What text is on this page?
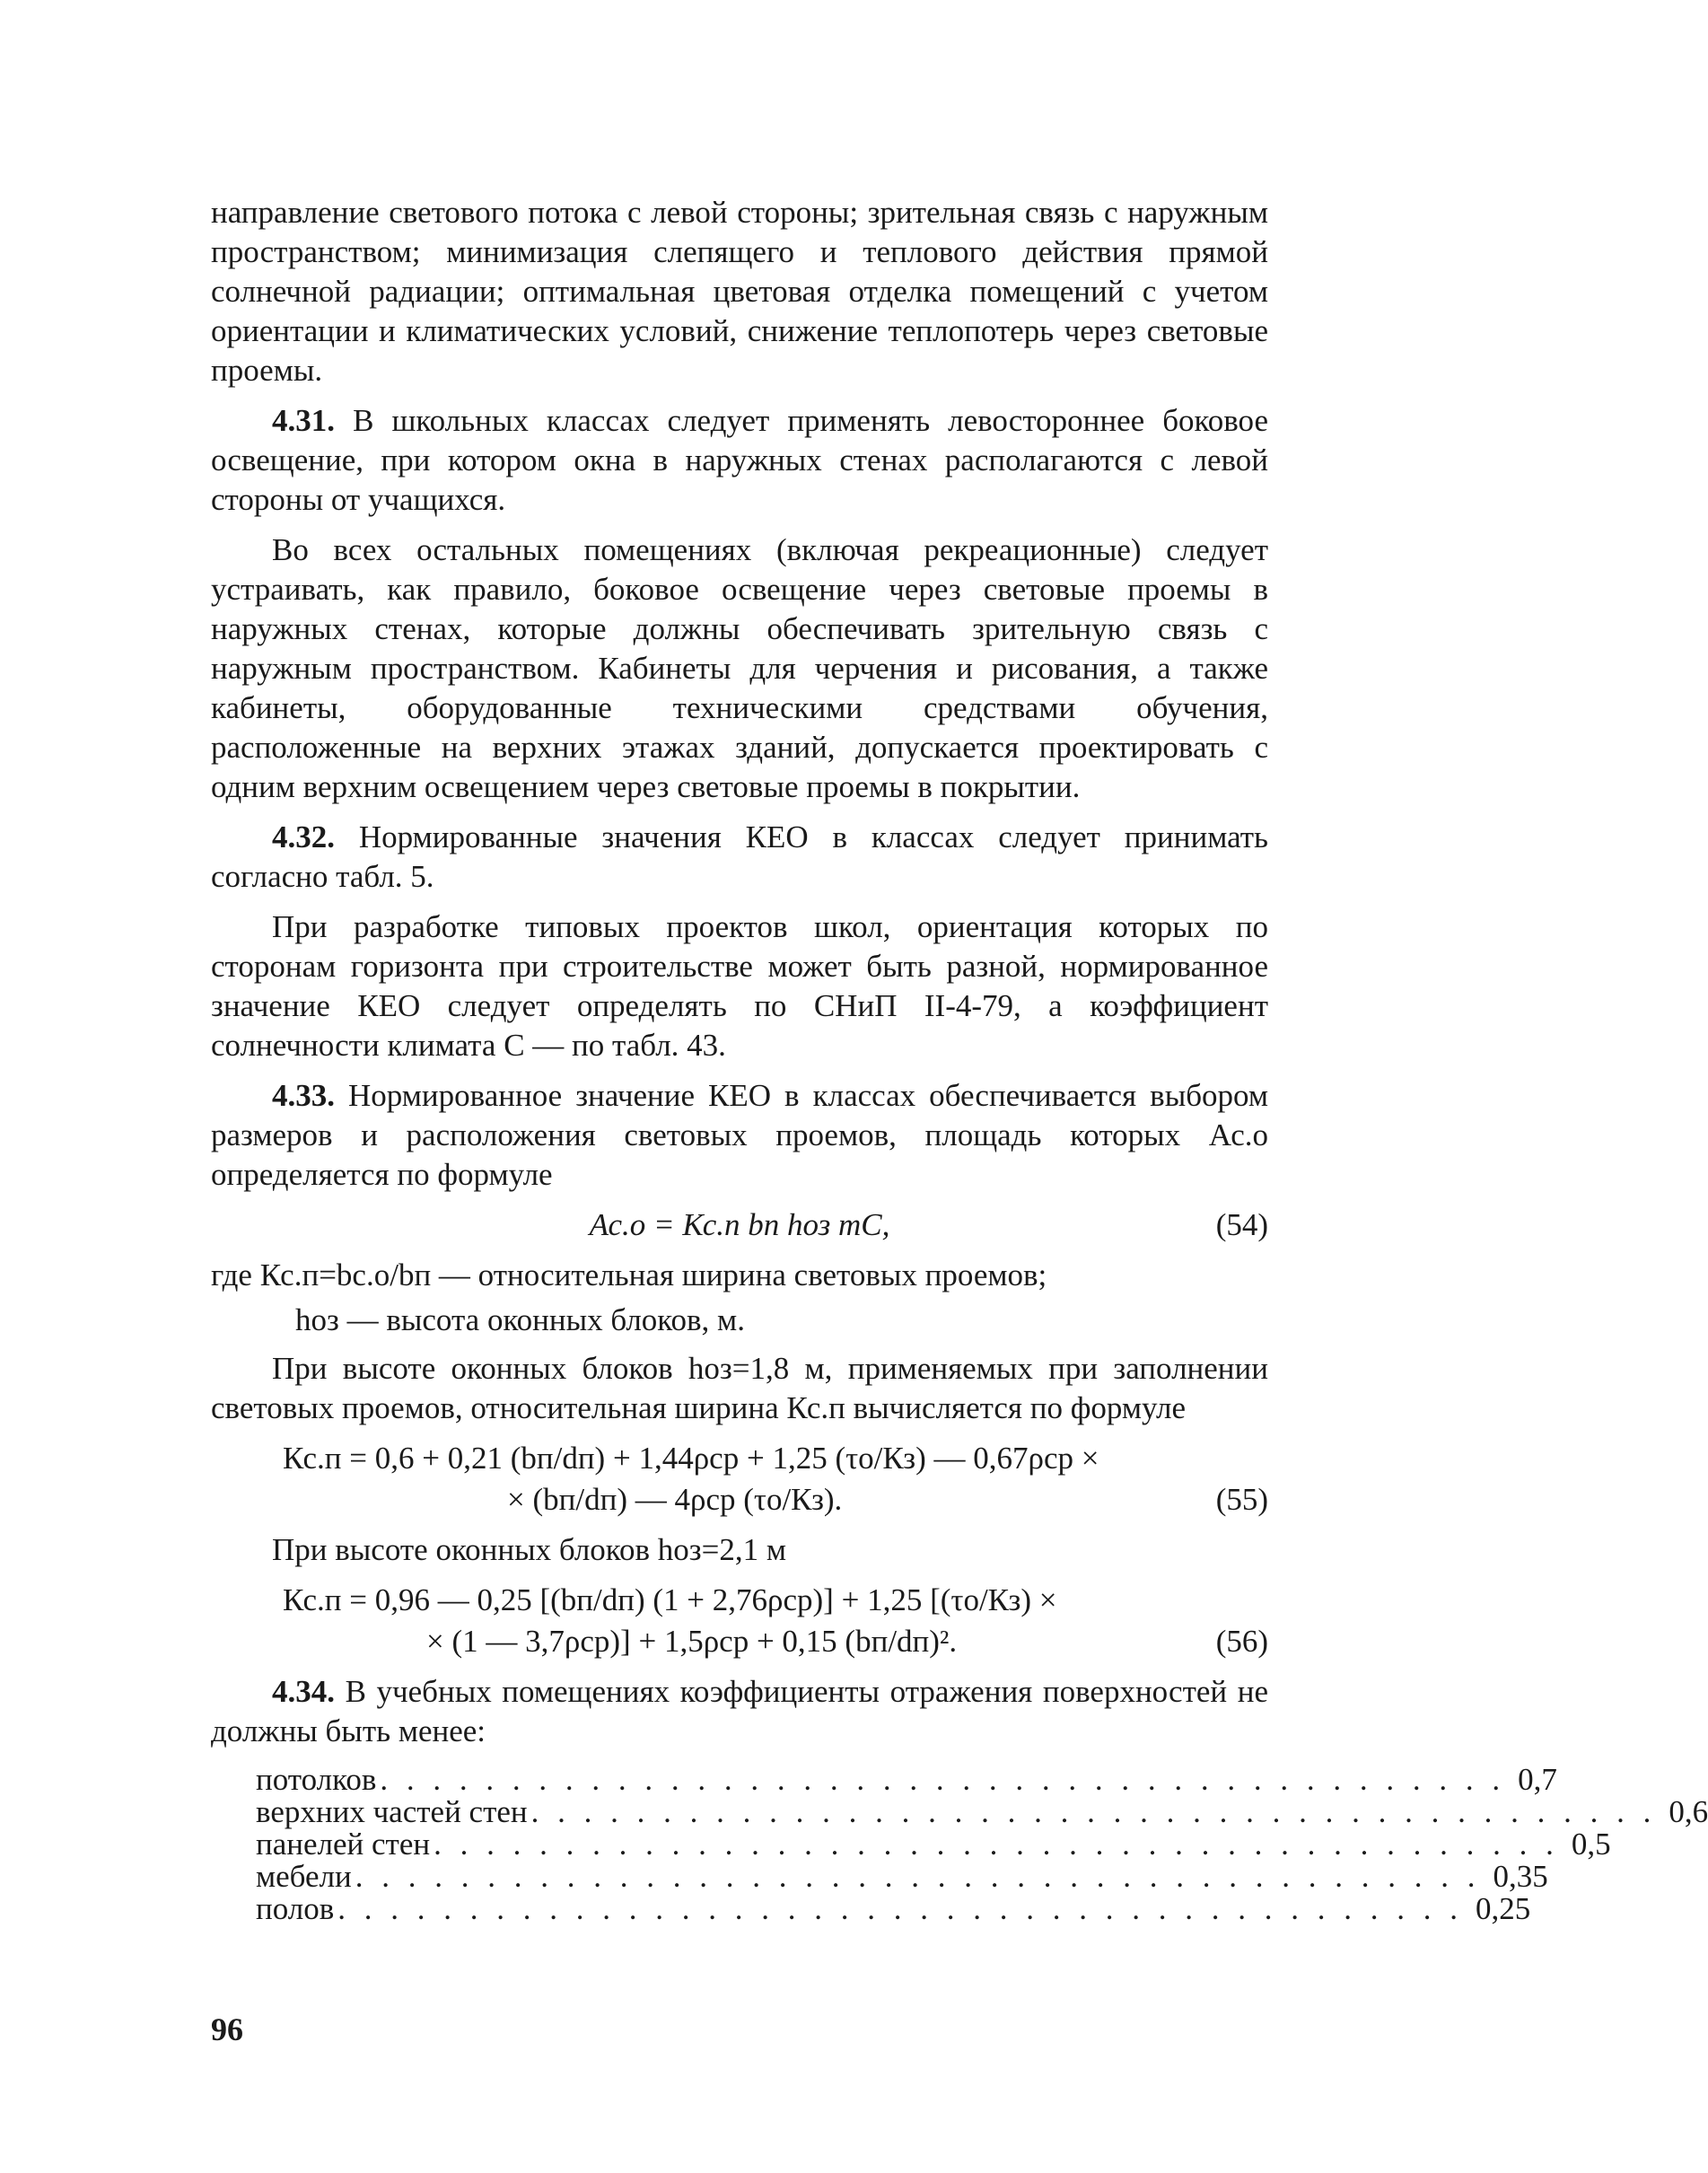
направление светового потока с левой стороны; зрительная связь с наружным пространством; минимизация слепящего и теплового действия прямой солнечной радиации; оптимальная цветовая отделка помещений с учетом ориентации и климатических условий, снижение теплопотерь через световые проемы.

4.31. В школьных классах следует применять левостороннее боковое освещение, при котором окна в наружных стенах располагаются с левой стороны от учащихся.

Во всех остальных помещениях (включая рекреационные) следует устраивать, как правило, боковое освещение через световые проемы в наружных стенах, которые должны обеспечивать зрительную связь с наружным пространством. Кабинеты для черчения и рисования, а также кабинеты, оборудованные техническими средствами обучения, расположенные на верхних этажах зданий, допускается проектировать с одним верхним освещением через световые проемы в покрытии.

4.32. Нормированные значения КЕО в классах следует принимать согласно табл. 5.

При разработке типовых проектов школ, ориентация которых по сторонам горизонта при строительстве может быть разной, нормированное значение КЕО следует определять по СНиП II-4-79, а коэффициент солнечности климата С — по табл. 43.

4.33. Нормированное значение КЕО в классах обеспечивается выбором размеров и расположения световых проемов, площадь которых Ас.о определяется по формуле

Ас.о = Кс.п bп hоз mC,	(54)

где Кс.п=bс.о/bп — относительная ширина световых проемов;

hоз — высота оконных блоков, м.

При высоте оконных блоков hоз=1,8 м, применяемых при заполнении световых проемов, относительная ширина Кс.п вычисляется по формуле

Кс.п = 0,6 + 0,21 (bп/dп) + 1,44ρср + 1,25 (τо/Кз) — 0,67ρср ×
× (bп/dп) — 4ρср (τо/Кз).	(55)

При высоте оконных блоков hоз=2,1 м

Кс.п = 0,96 — 0,25 [(bп/dп) (1 + 2,76ρср)] + 1,25 [(τо/Кз) ×
× (1 — 3,7ρср)] + 1,5ρср + 0,15 (bп/dп)².	(56)

4.34. В учебных помещениях коэффициенты отражения поверхностей не должны быть менее:

потолков . . . . . . . . . . . . . . . . . . . . . . . . . . . . . . . . . . . . . . . . . . . 0,7
верхних частей стен . . . . . . . . . . . . . . . . . . . . . . . . . . . . . . . . . . . . . . . . . . . 0,6
панелей стен . . . . . . . . . . . . . . . . . . . . . . . . . . . . . . . . . . . . . . . . . . . 0,5
мебели . . . . . . . . . . . . . . . . . . . . . . . . . . . . . . . . . . . . . . . . . . . 0,35
полов . . . . . . . . . . . . . . . . . . . . . . . . . . . . . . . . . . . . . . . . . . . 0,25
96
